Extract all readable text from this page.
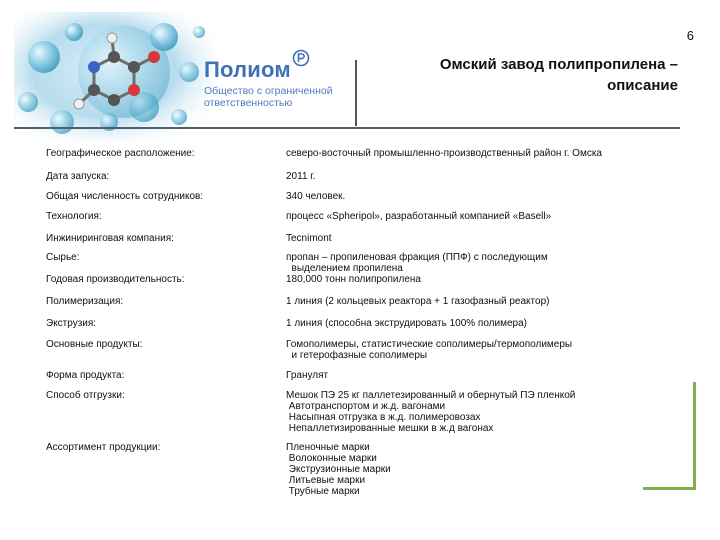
6
Полиом
Общество с ограниченной
ответственностью
Омский завод полипропилена –
описание
Географическое расположение:	северо-восточный промышленно-производственный район г. Омска
Дата запуска:	2011 г.
Общая численность сотрудников:	340 человек.
Технология:	процесс «Spheripol», разработанный компанией «Basell»
Инжиниринговая компания:	Tecnimont
Сырье:	пропан – пропиленовая фракция (ППФ) с последующим
выделением пропилена
Годовая производительность:	180,000 тонн полипропилена
Полимеризация:	1 линия (2 кольцевых реактора + 1 газофазный реактор)
Экструзия:	1 линия (способна экструдировать 100% полимера)
Основные продукты:	Гомополимеры, статистические сополимеры/термополимеры
и гетерофазные сополимеры
Форма продукта:	Гранулят
Способ отгрузки:	Мешок ПЭ 25 кг паллетезированный и обернутый ПЭ пленкой
Автотранспортом и ж.д. вагонами
Насыпная отгрузка в ж.д. полимеровозах
Непаллетизированные мешки в ж.д вагонах
Ассортимент продукции:	Пленочные марки
Волоконные марки
Экструзионные марки
Литьевые марки
Трубные марки
